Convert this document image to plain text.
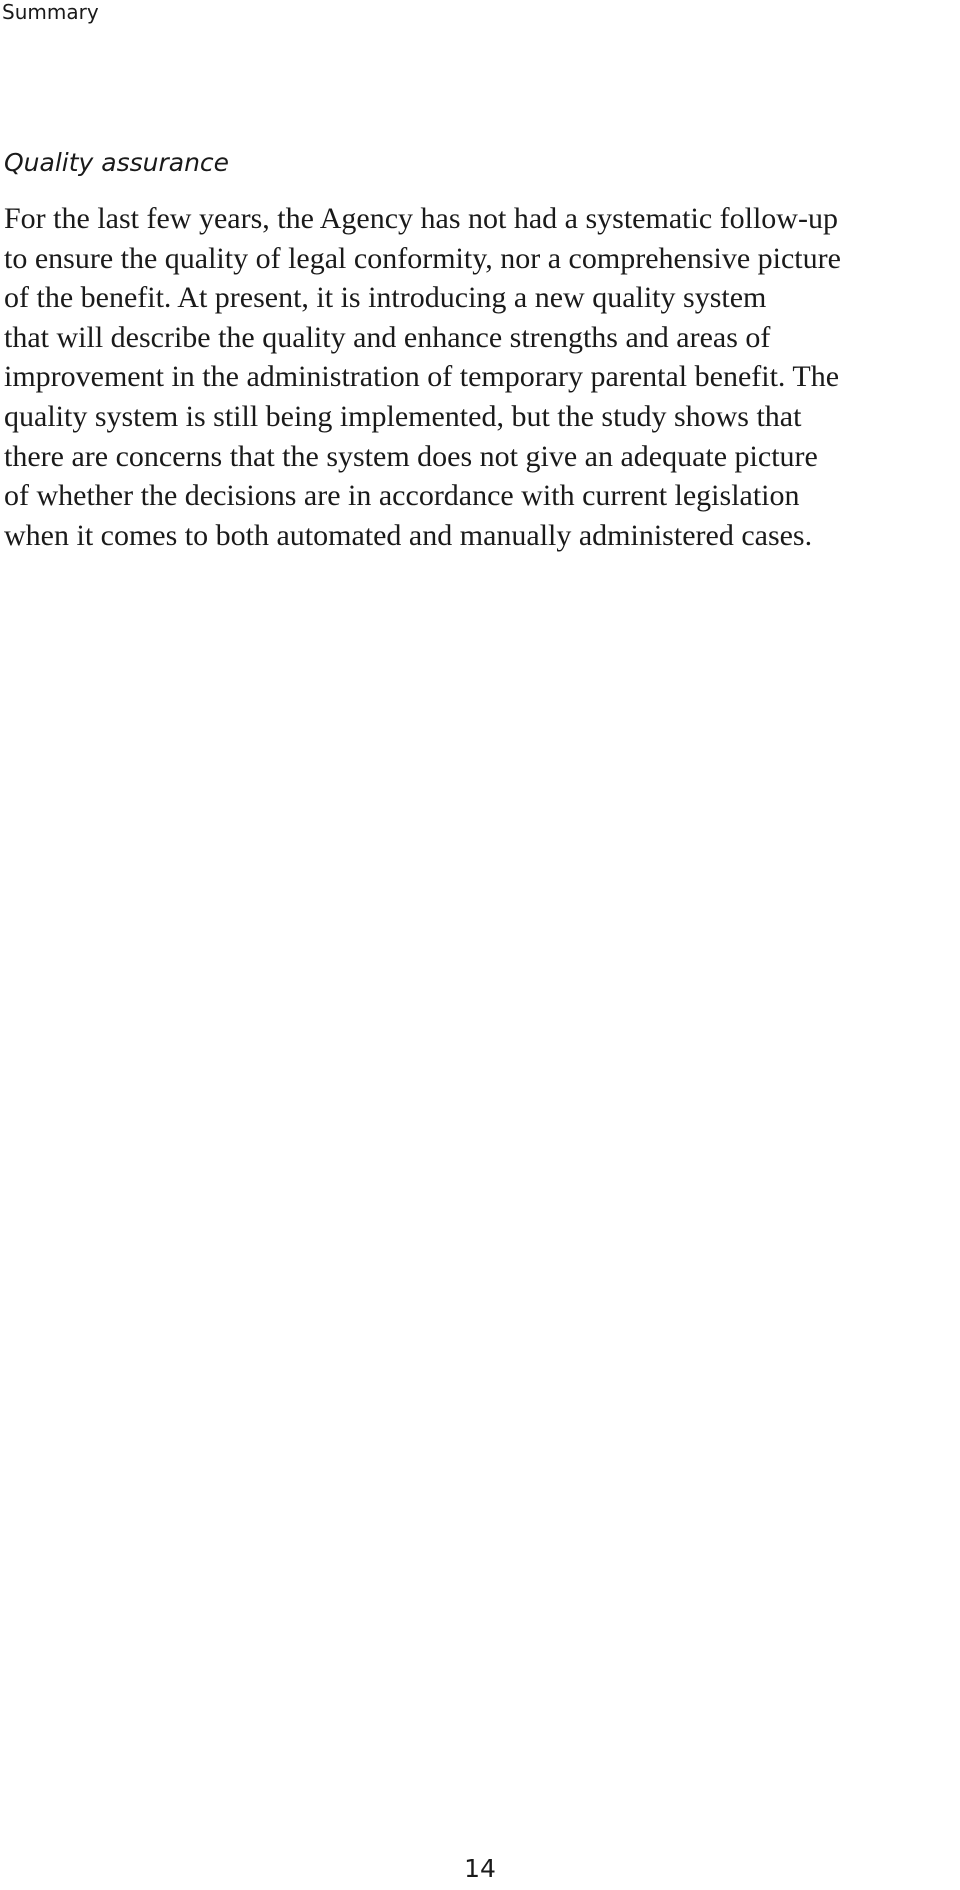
Summary
Quality assurance

For the last few years, the Agency has not had a systematic follow-up
to ensure the quality of legal conformity, nor a comprehensive picture
of the benefit. At present, it is introducing a new quality system
that will describe the quality and enhance strengths and areas of
improvement in the administration of temporary parental benefit. The
quality system is still being implemented, but the study shows that
there are concerns that the system does not give an adequate picture
of whether the decisions are in accordance with current legislation
when it comes to both automated and manually administered cases.

14
